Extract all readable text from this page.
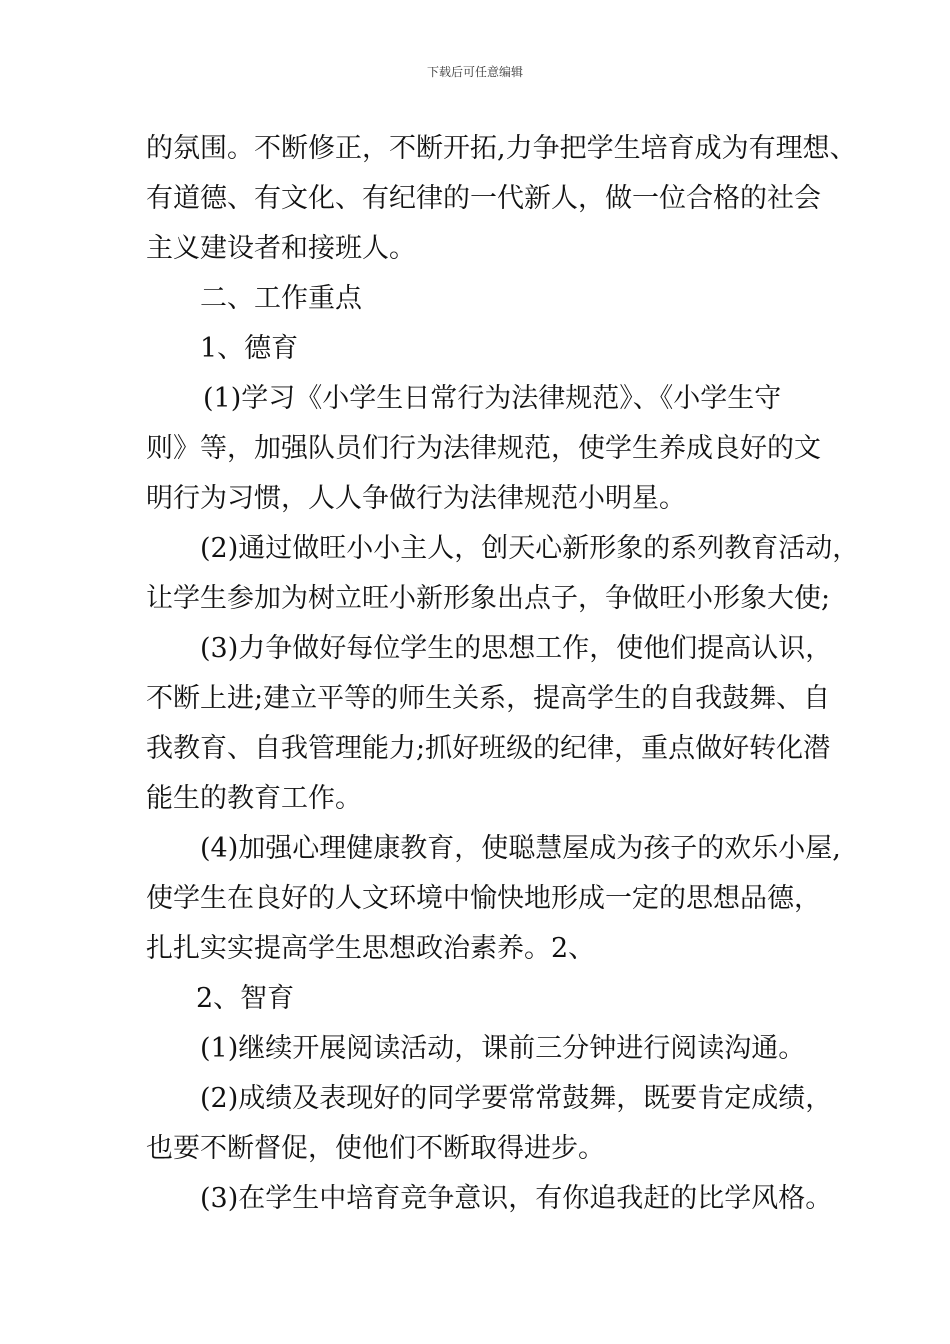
下载后可任意编辑
的氛围。不断修正，不断开拓,力争把学生培育成为有理想、
有道德、有文化、有纪律的一代新人，做一位合格的社会
主义建设者和接班人。
二、工作重点
1、德育
(1)学习《小学生日常行为法律规范》、《小学生守
则》等，加强队员们行为法律规范，使学生养成良好的文
明行为习惯，人人争做行为法律规范小明星。
(2)通过做旺小小主人，创天心新形象的系列教育活动，
让学生参加为树立旺小新形象出点子，争做旺小形象大使;
(3)力争做好每位学生的思想工作，使他们提高认识，
不断上进;建立平等的师生关系，提高学生的自我鼓舞、自
我教育、自我管理能力;抓好班级的纪律，重点做好转化潜
能生的教育工作。
(4)加强心理健康教育，使聪慧屋成为孩子的欢乐小屋,
使学生在良好的人文环境中愉快地形成一定的思想品德，
扎扎实实提高学生思想政治素养。2、
2、智育
(1)继续开展阅读活动，课前三分钟进行阅读沟通。
(2)成绩及表现好的同学要常常鼓舞，既要肯定成绩，
也要不断督促，使他们不断取得进步。
(3)在学生中培育竞争意识，有你追我赶的比学风格。
